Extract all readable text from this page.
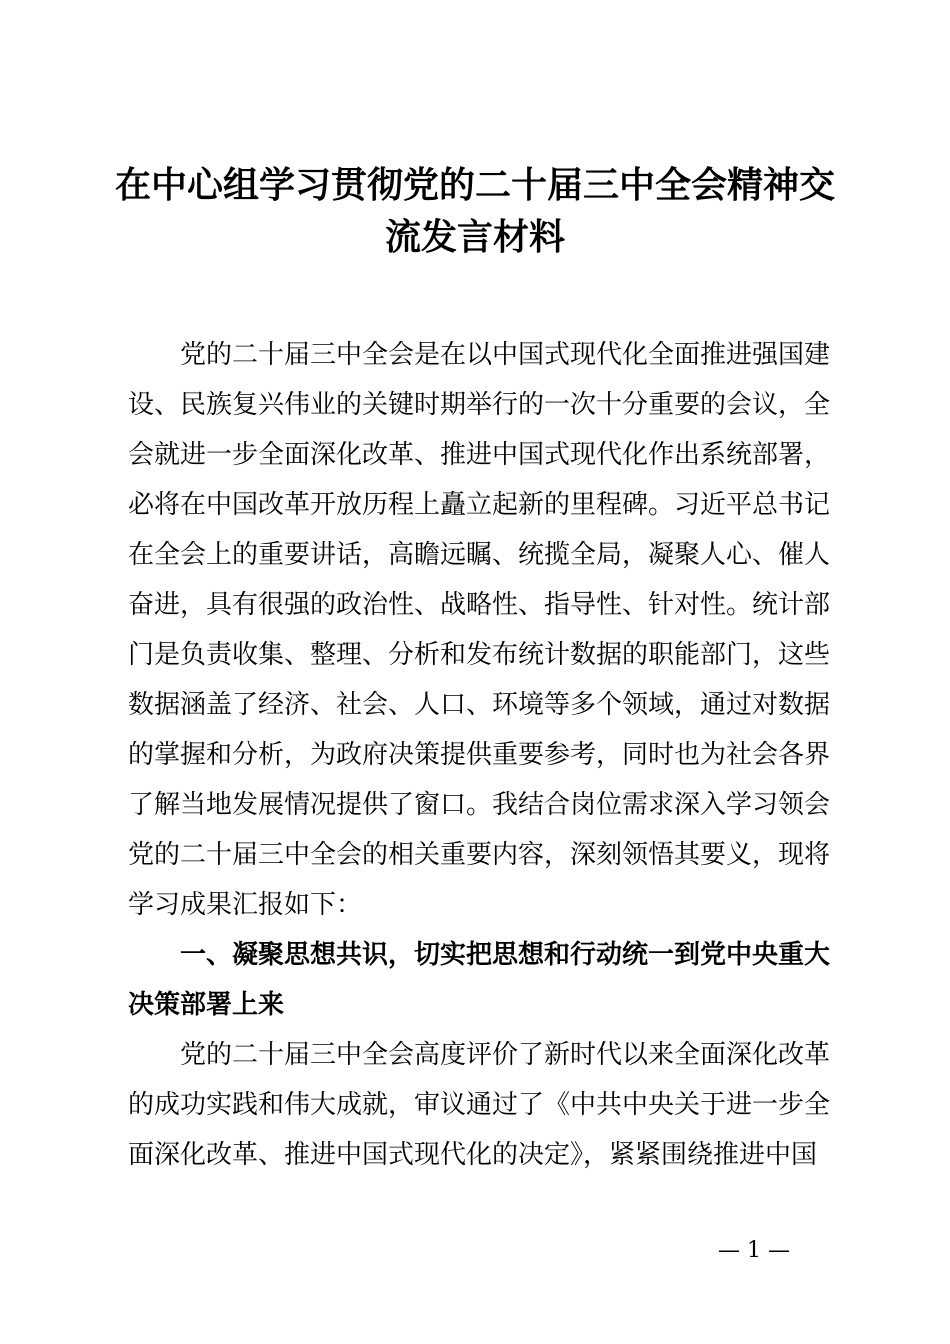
在中心组学习贯彻党的二十届三中全会精神交
流发言材料

党的二十届三中全会是在以中国式现代化全面推进强国建设、民族复兴伟业的关键时期举行的一次十分重要的会议，全会就进一步全面深化改革、推进中国式现代化作出系统部署，必将在中国改革开放历程上矗立起新的里程碑。习近平总书记在全会上的重要讲话，高瞻远瞩、统揽全局，凝聚人心、催人奋进，具有很强的政治性、战略性、指导性、针对性。统计部门是负责收集、整理、分析和发布统计数据的职能部门，这些数据涵盖了经济、社会、人口、环境等多个领域，通过对数据的掌握和分析，为政府决策提供重要参考，同时也为社会各界了解当地发展情况提供了窗口。我结合岗位需求深入学习领会党的二十届三中全会的相关重要内容，深刻领悟其要义，现将学习成果汇报如下：

一、凝聚思想共识，切实把思想和行动统一到党中央重大决策部署上来

党的二十届三中全会高度评价了新时代以来全面深化改革的成功实践和伟大成就，审议通过了《中共中央关于进一步全面深化改革、推进中国式现代化的决定》，紧紧围绕推进中国

— 1 —
